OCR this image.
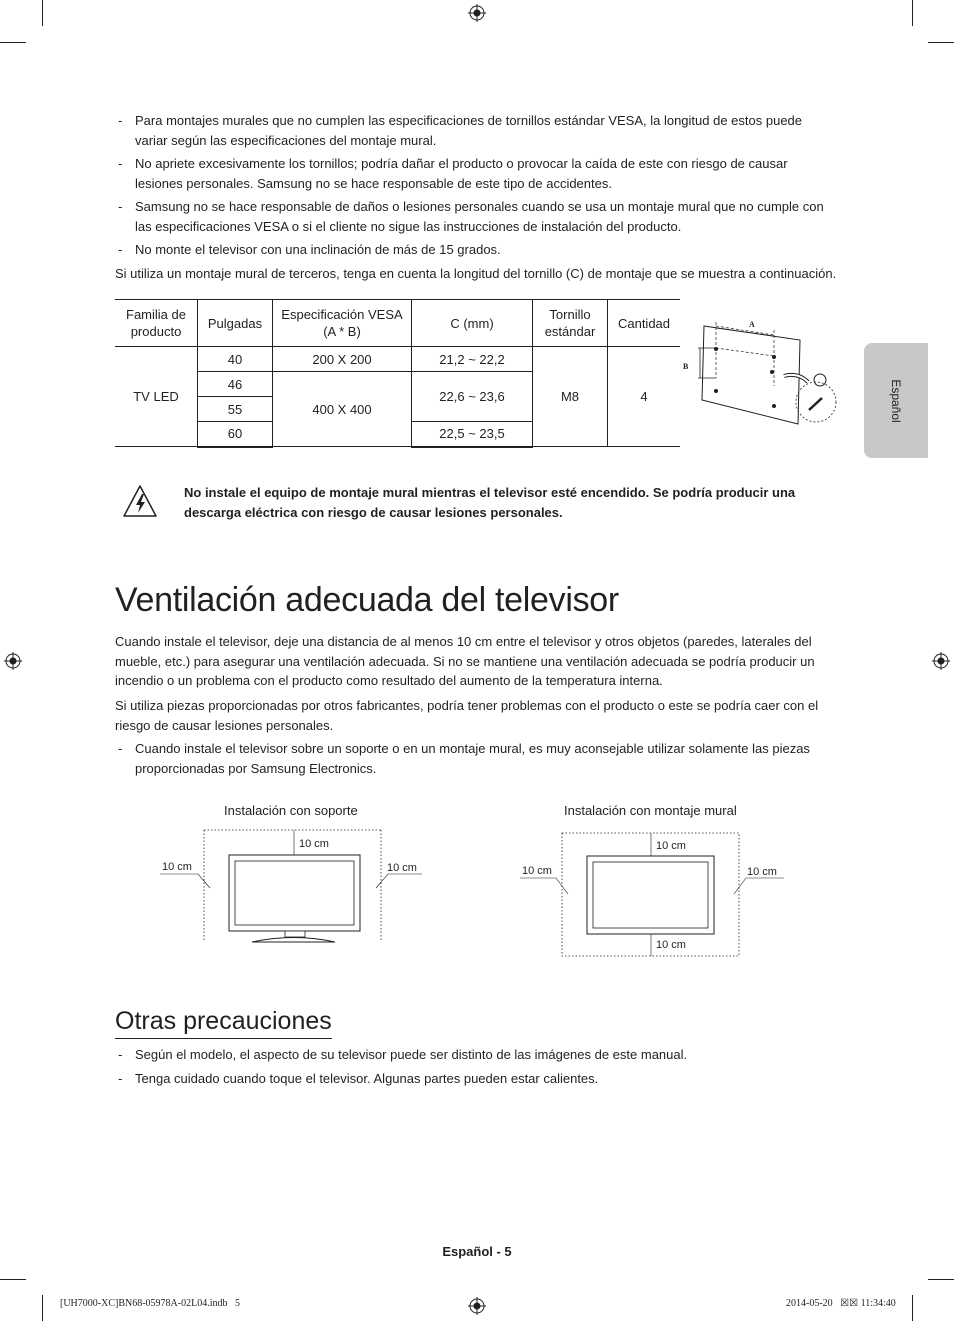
- Para montajes murales que no cumplen las especificaciones de tornillos estándar VESA, la longitud de estos puede variar según las especificaciones del montaje mural.
- No apriete excesivamente los tornillos; podría dañar el producto o provocar la caída de este con riesgo de causar lesiones personales. Samsung no se hace responsable de este tipo de accidentes.
- Samsung no se hace responsable de daños o lesiones personales cuando se usa un montaje mural que no cumple con las especificaciones VESA o si el cliente no sigue las instrucciones de instalación del producto.
- No monte el televisor con una inclinación de más de 15 grados.
Si utiliza un montaje mural de terceros, tenga en cuenta la longitud del tornillo (C) de montaje que se muestra a continuación.
Familia de producto	Pulgadas	Especificación VESA (A * B)	C (mm)	Tornillo estándar	Cantidad
TV LED	40	200 X 200	21,2 ~ 22,2	M8	4
	46	400 X 400	22,6 ~ 23,6		
	55				
	60		22,5 ~ 23,5		
A
B
No instale el equipo de montaje mural mientras el televisor esté encendido. Se podría producir una descarga eléctrica con riesgo de causar lesiones personales.
Ventilación adecuada del televisor
Cuando instale el televisor, deje una distancia de al menos 10 cm entre el televisor y otros objetos (paredes, laterales del mueble, etc.) para asegurar una ventilación adecuada. Si no se mantiene una ventilación adecuada se podría producir un incendio o un problema con el producto como resultado del aumento de la temperatura interna.
Si utiliza piezas proporcionadas por otros fabricantes, podría tener problemas con el producto o este se podría caer con el riesgo de causar lesiones personales.
- Cuando instale el televisor sobre un soporte o en un montaje mural, es muy aconsejable utilizar solamente las piezas proporcionadas por Samsung Electronics.
Instalación con soporte
10 cm
10 cm	10 cm
Instalación con montaje mural
10 cm
10 cm
10 cm	10 cm
Otras precauciones
- Según el modelo, el aspecto de su televisor puede ser distinto de las imágenes de este manual.
- Tenga cuidado cuando toque el televisor. Algunas partes pueden estar calientes.
Español
Español - 5
[UH7000-XC]BN68-05978A-02L04.indb   5	2014-05-20   ☒☒ 11:34:40
